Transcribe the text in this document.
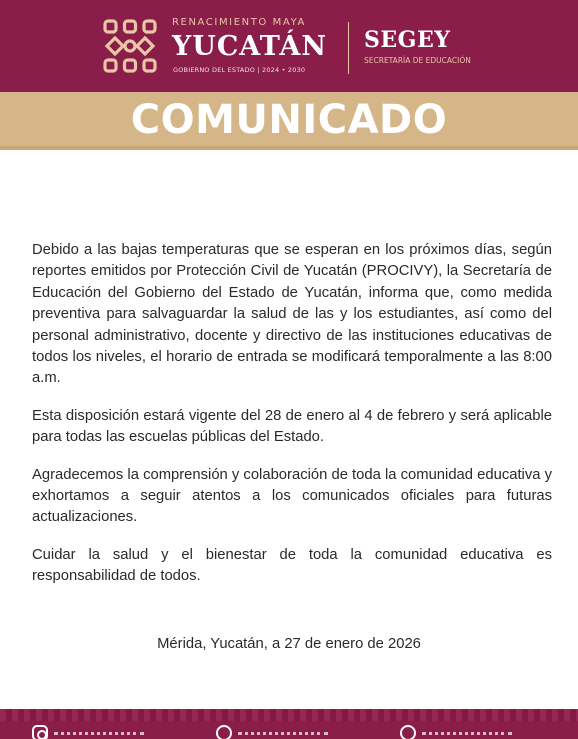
RENACIMIENTO MAYA
YUCATÁN
GOBIERNO DEL ESTADO | 2024 • 2030
SEGEY
SECRETARÍA DE EDUCACIÓN
COMUNICADO

Debido a las bajas temperaturas que se esperan en los próximos días, según reportes emitidos por Protección Civil de Yucatán (PROCIVY), la Secretaría de Educación del Gobierno del Estado de Yucatán, informa que, como medida preventiva para salvaguardar la salud de las y los estudiantes, así como del personal administrativo, docente y directivo de las instituciones educativas de todos los niveles, el horario de entrada se modificará temporalmente a las 8:00 a.m.

Esta disposición estará vigente del 28 de enero al 4 de febrero y será aplicable para todas las escuelas públicas del Estado.

Agradecemos la comprensión y colaboración de toda la comunidad educativa y exhortamos a seguir atentos a los comunicados oficiales para futuras actualizaciones.

Cuidar la salud y el bienestar de toda la comunidad educativa es responsabilidad de todos.

Mérida, Yucatán, a 27 de enero de 2026
